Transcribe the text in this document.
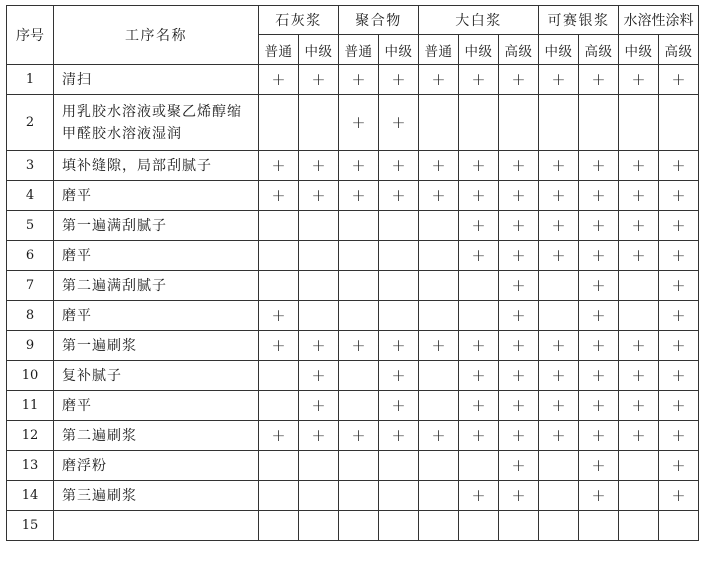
序号	工序名称	石灰浆		聚合物		大白浆			可赛银浆		水溶性涂料	
		普通	中级	普通	中级	普通	中级	高级	中级	高级	中级	高级
1	清扫	+	+	+	+	+	+	+	+	+	+	+
2	用乳胶水溶液或聚乙烯醇缩甲醛胶水溶液湿润			+	+							
3	填补缝隙，局部刮腻子	+	+	+	+	+	+	+	+	+	+	+
4	磨平	+	+	+	+	+	+	+	+	+	+	+
5	第一遍满刮腻子						+	+	+	+	+	+
6	磨平						+	+	+	+	+	+
7	第二遍满刮腻子							+		+		+
8	磨平	+						+		+		+
9	第一遍刷浆	+	+	+	+	+	+	+	+	+	+	+
10	复补腻子		+		+		+	+	+	+	+	+
11	磨平		+		+		+	+	+	+	+	+
12	第二遍刷浆	+	+	+	+	+	+	+	+	+	+	+
13	磨浮粉							+		+		+
14	第三遍刷浆						+	+		+		+
15												
